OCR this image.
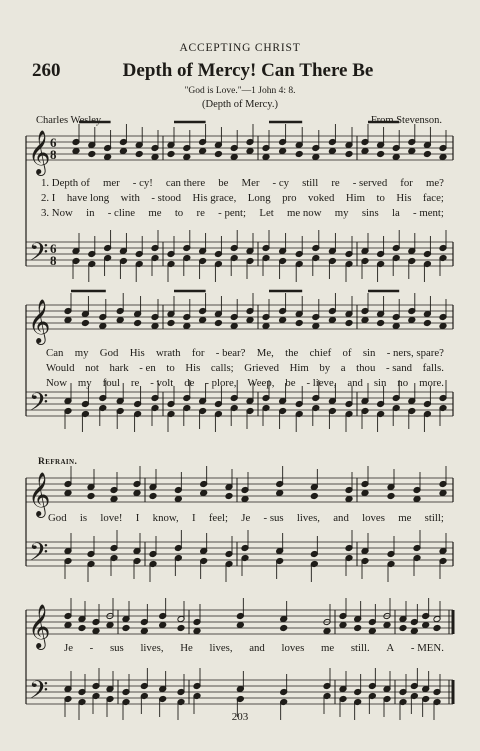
ACCEPTING CHRIST
260	Depth of Mercy! Can There Be
"God is Love."—1 John 4: 8.
(Depth of Mercy.)
Charles Wesley.	From Stevenson.
𝄞
𝄢
6
8
6
8
𝄞
𝄢
𝄞
𝄢
𝄞
𝄢
1. Depth of mer - cy! can there be Mer - cy still re - served for me?
2. I have long with - stood His grace, Long pro voked Him to His face;
3. Now in - cline me to re - pent; Let me now my sins la - ment;
Can my God His wrath for - bear? Me, the chief of sin - ners, spare?
Would not hark - en to His calls; Grieved Him by a thou - sand falls.
Now my foul re - volt de - plore, Weep, be - lieve, and sin no more.
God is love! I know, I feel; Je - sus lives, and loves me still;
Je - sus lives, He lives, and loves me still. A - MEN.
Refrain.
203
